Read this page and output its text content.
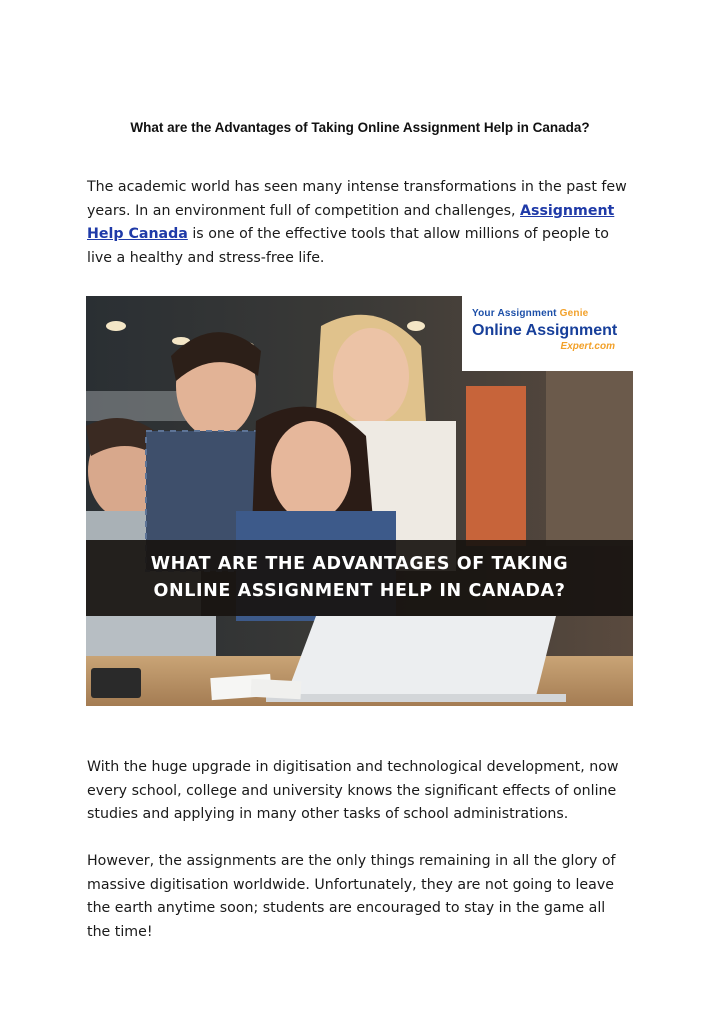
What are the Advantages of Taking Online Assignment Help in Canada?
The academic world has seen many intense transformations in the past few years. In an environment full of competition and challenges, Assignment Help Canada is one of the effective tools that allow millions of people to live a healthy and stress-free life.
Your Assignment Genie
Online Assignment
Expert.com
WHAT ARE THE ADVANTAGES OF TAKING
ONLINE ASSIGNMENT HELP IN CANADA?
With the huge upgrade in digitisation and technological development, now every school, college and university knows the significant effects of online studies and applying in many other tasks of school administrations.
However, the assignments are the only things remaining in all the glory of massive digitisation worldwide. Unfortunately, they are not going to leave the earth anytime soon; students are encouraged to stay in the game all the time!
